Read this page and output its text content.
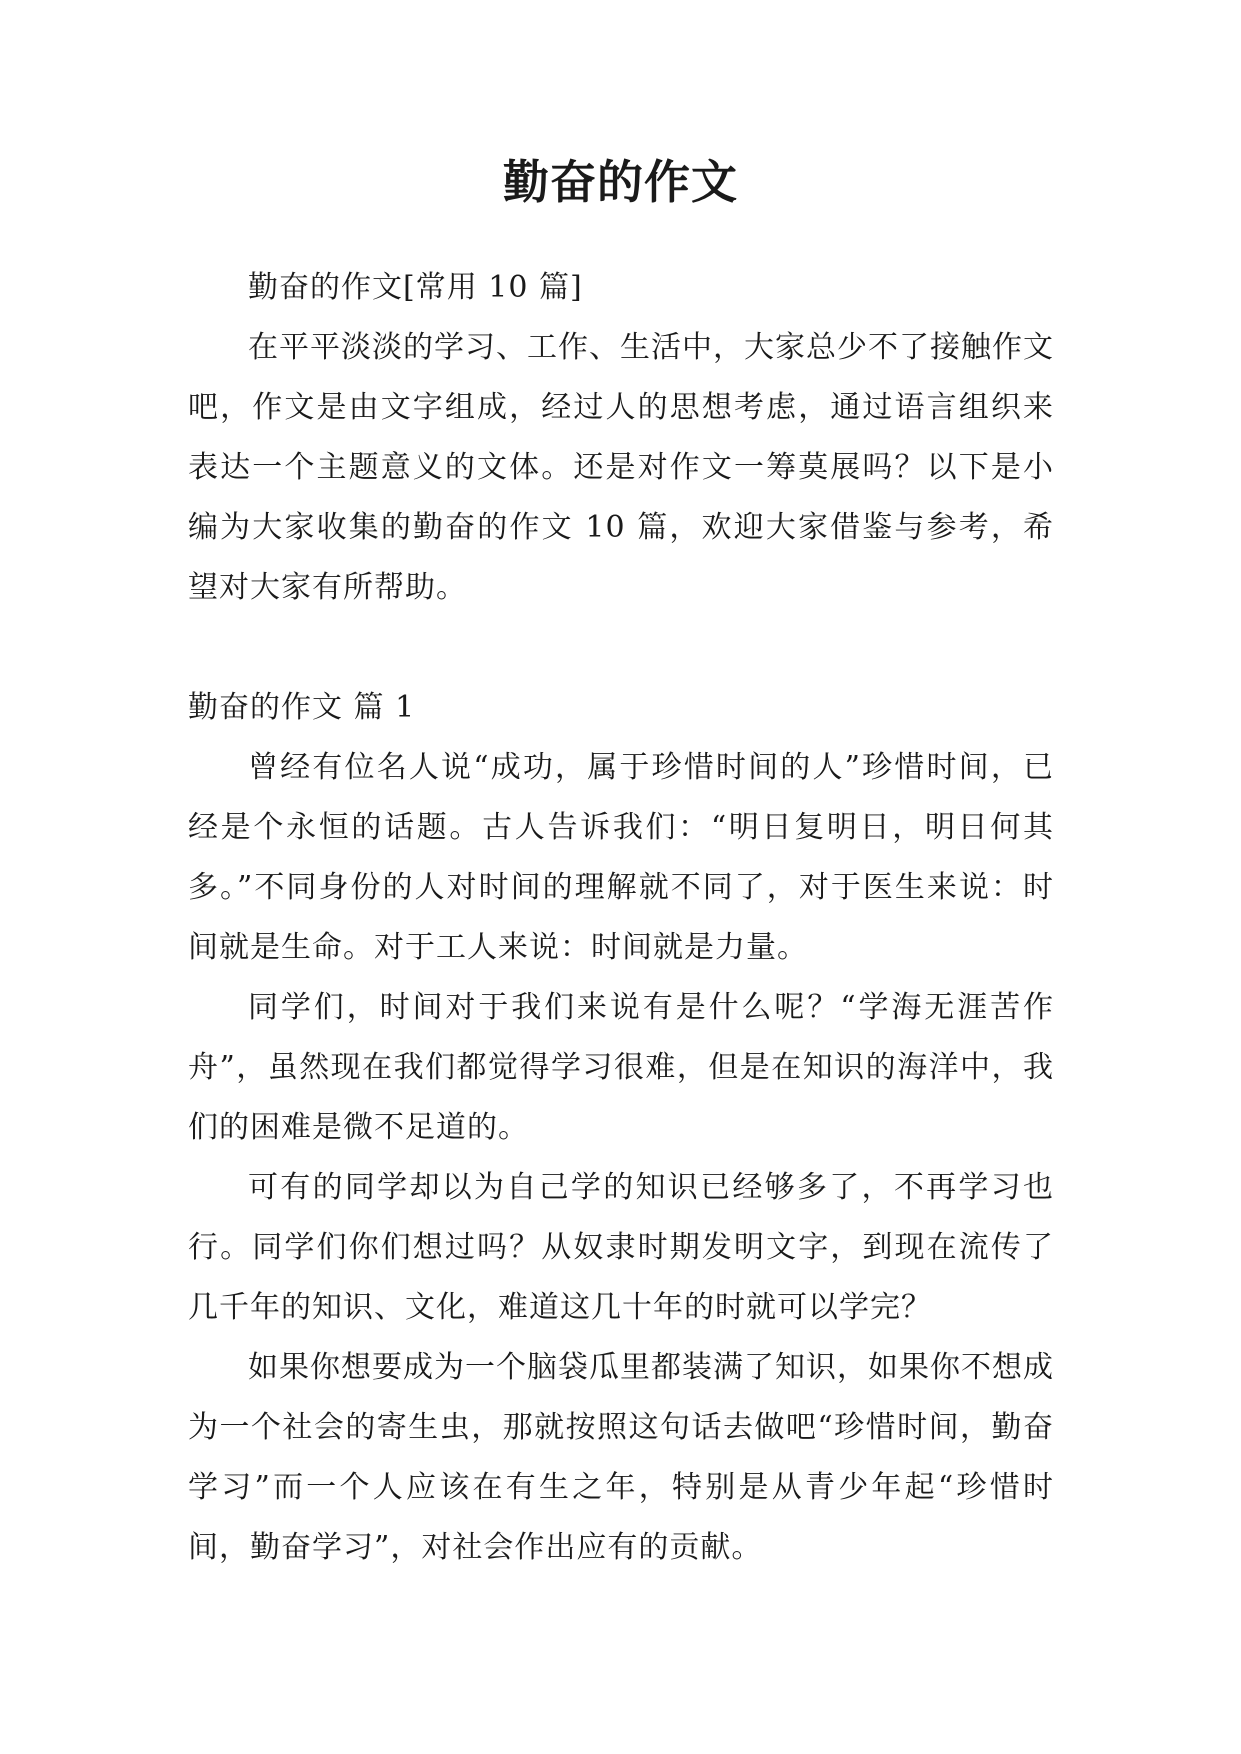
勤奋的作文

勤奋的作文[常用 10 篇]

在平平淡淡的学习、工作、生活中，大家总少不了接触作文吧，作文是由文字组成，经过人的思想考虑，通过语言组织来表达一个主题意义的文体。还是对作文一筹莫展吗？以下是小编为大家收集的勤奋的作文 10 篇，欢迎大家借鉴与参考，希望对大家有所帮助。

勤奋的作文 篇 1

曾经有位名人说“成功，属于珍惜时间的人”珍惜时间，已经是个永恒的话题。古人告诉我们：“明日复明日，明日何其多。”不同身份的人对时间的理解就不同了，对于医生来说：时间就是生命。对于工人来说：时间就是力量。

同学们，时间对于我们来说有是什么呢？“学海无涯苦作舟”，虽然现在我们都觉得学习很难，但是在知识的海洋中，我们的困难是微不足道的。

可有的同学却以为自己学的知识已经够多了，不再学习也行。同学们你们想过吗？从奴隶时期发明文字，到现在流传了几千年的知识、文化，难道这几十年的时就可以学完？

如果你想要成为一个脑袋瓜里都装满了知识，如果你不想成为一个社会的寄生虫，那就按照这句话去做吧“珍惜时间，勤奋学习”而一个人应该在有生之年，特别是从青少年起“珍惜时间，勤奋学习”，对社会作出应有的贡献。
